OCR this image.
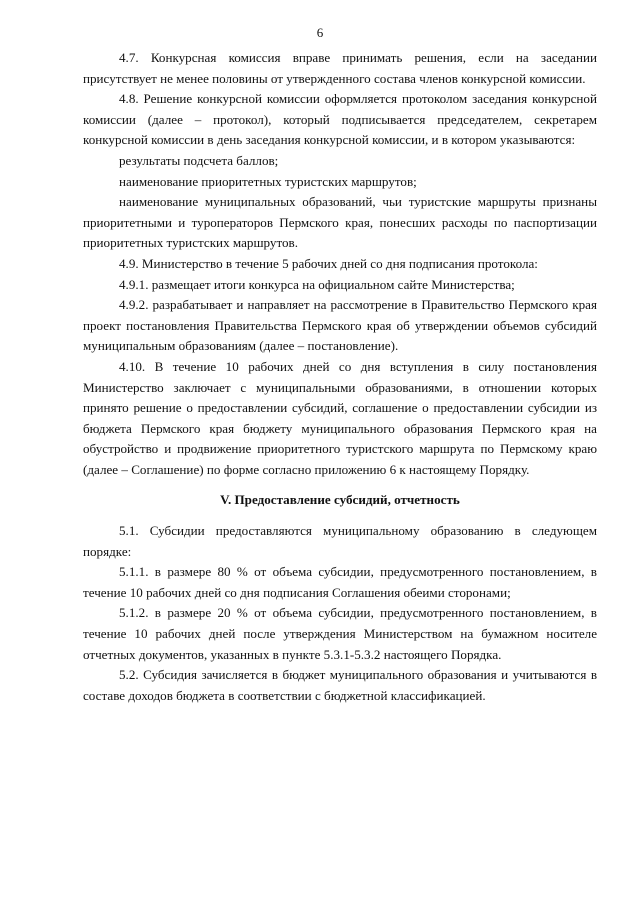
6

4.7. Конкурсная комиссия вправе принимать решения, если на заседании присутствует не менее половины от утвержденного состава членов конкурсной комиссии.

4.8. Решение конкурсной комиссии оформляется протоколом заседания конкурсной комиссии (далее – протокол), который подписывается председателем, секретарем конкурсной комиссии в день заседания конкурсной комиссии, и в котором указываются:

результаты подсчета баллов;

наименование приоритетных туристских маршрутов;

наименование муниципальных образований, чьи туристские маршруты признаны приоритетными и туроператоров Пермского края, понесших расходы по паспортизации приоритетных туристских маршрутов.

4.9. Министерство в течение 5 рабочих дней со дня подписания протокола:

4.9.1. размещает итоги конкурса на официальном сайте Министерства;

4.9.2. разрабатывает и направляет на рассмотрение в Правительство Пермского края проект постановления Правительства Пермского края об утверждении объемов субсидий муниципальным образованиям (далее – постановление).

4.10. В течение 10 рабочих дней со дня вступления в силу постановления Министерство заключает с муниципальными образованиями, в отношении которых принято решение о предоставлении субсидий, соглашение о предоставлении субсидии из бюджета Пермского края бюджету муниципального образования Пермского края на обустройство и продвижение приоритетного туристского маршрута по Пермскому краю (далее – Соглашение) по форме согласно приложению 6 к настоящему Порядку.

V. Предоставление субсидий, отчетность

5.1. Субсидии предоставляются муниципальному образованию в следующем порядке:

5.1.1. в размере 80 % от объема субсидии, предусмотренного постановлением, в течение 10 рабочих дней со дня подписания Соглашения обеими сторонами;

5.1.2. в размере 20 % от объема субсидии, предусмотренного постановлением, в течение 10 рабочих дней после утверждения Министерством на бумажном носителе отчетных документов, указанных в пункте 5.3.1-5.3.2 настоящего Порядка.

5.2. Субсидия зачисляется в бюджет муниципального образования и учитываются в составе доходов бюджета в соответствии с бюджетной классификацией.
